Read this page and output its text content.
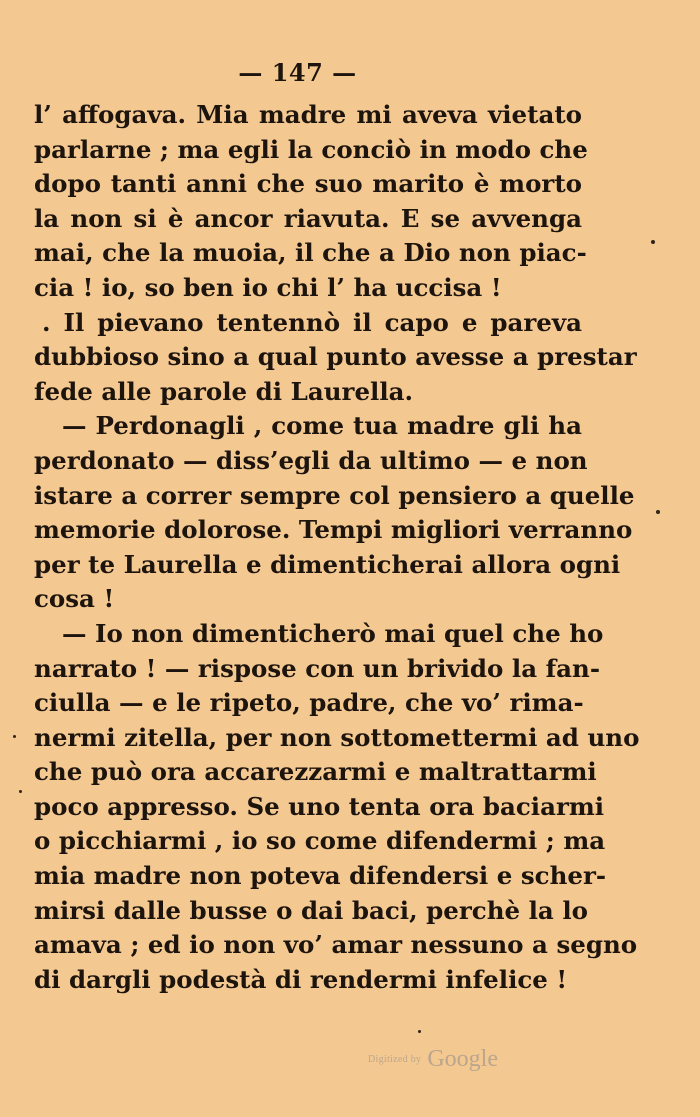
— 147 —
l’ affogava. Mia madre mi aveva vietato
parlarne ; ma egli la conciò in modo che
dopo tanti anni che suo marito è morto
la non si è ancor riavuta. E se avvenga
mai, che la muoia, il che a Dio non piac-
cia ! io, so ben io chi l’ ha uccisa !
. Il pievano tentennò il capo e pareva
dubbioso sino a qual punto avesse a prestar
fede alle parole di Laurella.
— Perdonagli , come tua madre gli ha
perdonato — diss’egli da ultimo — e non
istare a correr sempre col pensiero a quelle
memorie dolorose. Tempi migliori verranno
per te Laurella e dimenticherai allora ogni
cosa !
— Io non dimenticherò mai quel che ho
narrato ! — rispose con un brivido la fan-
ciulla — e le ripeto, padre, che vo’ rima-
nermi zitella, per non sottomettermi ad uno
che può ora accarezzarmi e maltrattarmi
poco appresso. Se uno tenta ora baciarmi
o picchiarmi , io so come difendermi ; ma
mia madre non poteva difendersi e scher-
mirsi dalle busse o dai baci, perchè la lo
amava ; ed io non vo’ amar nessuno a segno
di dargli podestà di rendermi infelice !
Digitized by Google
